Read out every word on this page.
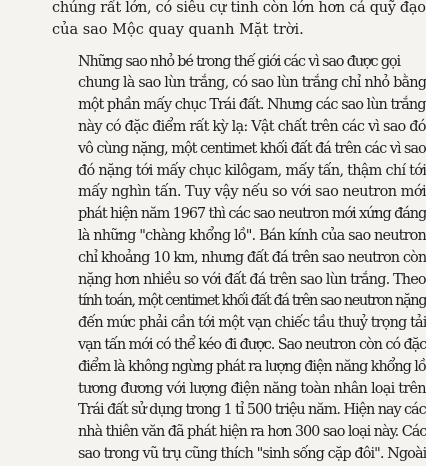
chúng rất lớn, có siêu cự tinh còn lớn hơn cả quỹ đạo
của sao Mộc quay quanh Mặt trời.

Những sao nhỏ bé trong thế giới các vì sao được gọi
chung là sao lùn trắng, có sao lùn trắng chỉ nhỏ bằng
một phần mấy chục Trái đất. Nhưng các sao lùn trắng
này có đặc điểm rất kỳ lạ: Vật chất trên các vì sao đó
vô cùng nặng, một centimet khối đất đá trên các vì sao
đó nặng tới mấy chục kilôgam, mấy tấn, thậm chí tới
mấy nghìn tấn. Tuy vậy nếu so với sao neutron mới
phát hiện năm 1967 thì các sao neutron mới xứng đáng
là những "chàng khổng lồ". Bán kính của sao neutron
chỉ khoảng 10 km, nhưng đất đá trên sao neutron còn
nặng hơn nhiều so với đất đá trên sao lùn trắng. Theo
tính toán, một centimet khối đất đá trên sao neutron nặng
đến mức phải cần tới một vạn chiếc tầu thuỷ trọng tải
vạn tấn mới có thể kéo đi được. Sao neutron còn có đặc
điểm là không ngừng phát ra lượng điện năng khổng lồ
tương đương với lượng điện năng toàn nhân loại trên
Trái đất sử dụng trong 1 tỉ 500 triệu năm. Hiện nay các
nhà thiên văn đã phát hiện ra hơn 300 sao loại này. Các
sao trong vũ trụ cũng thích "sinh sống cặp đôi". Ngoài
